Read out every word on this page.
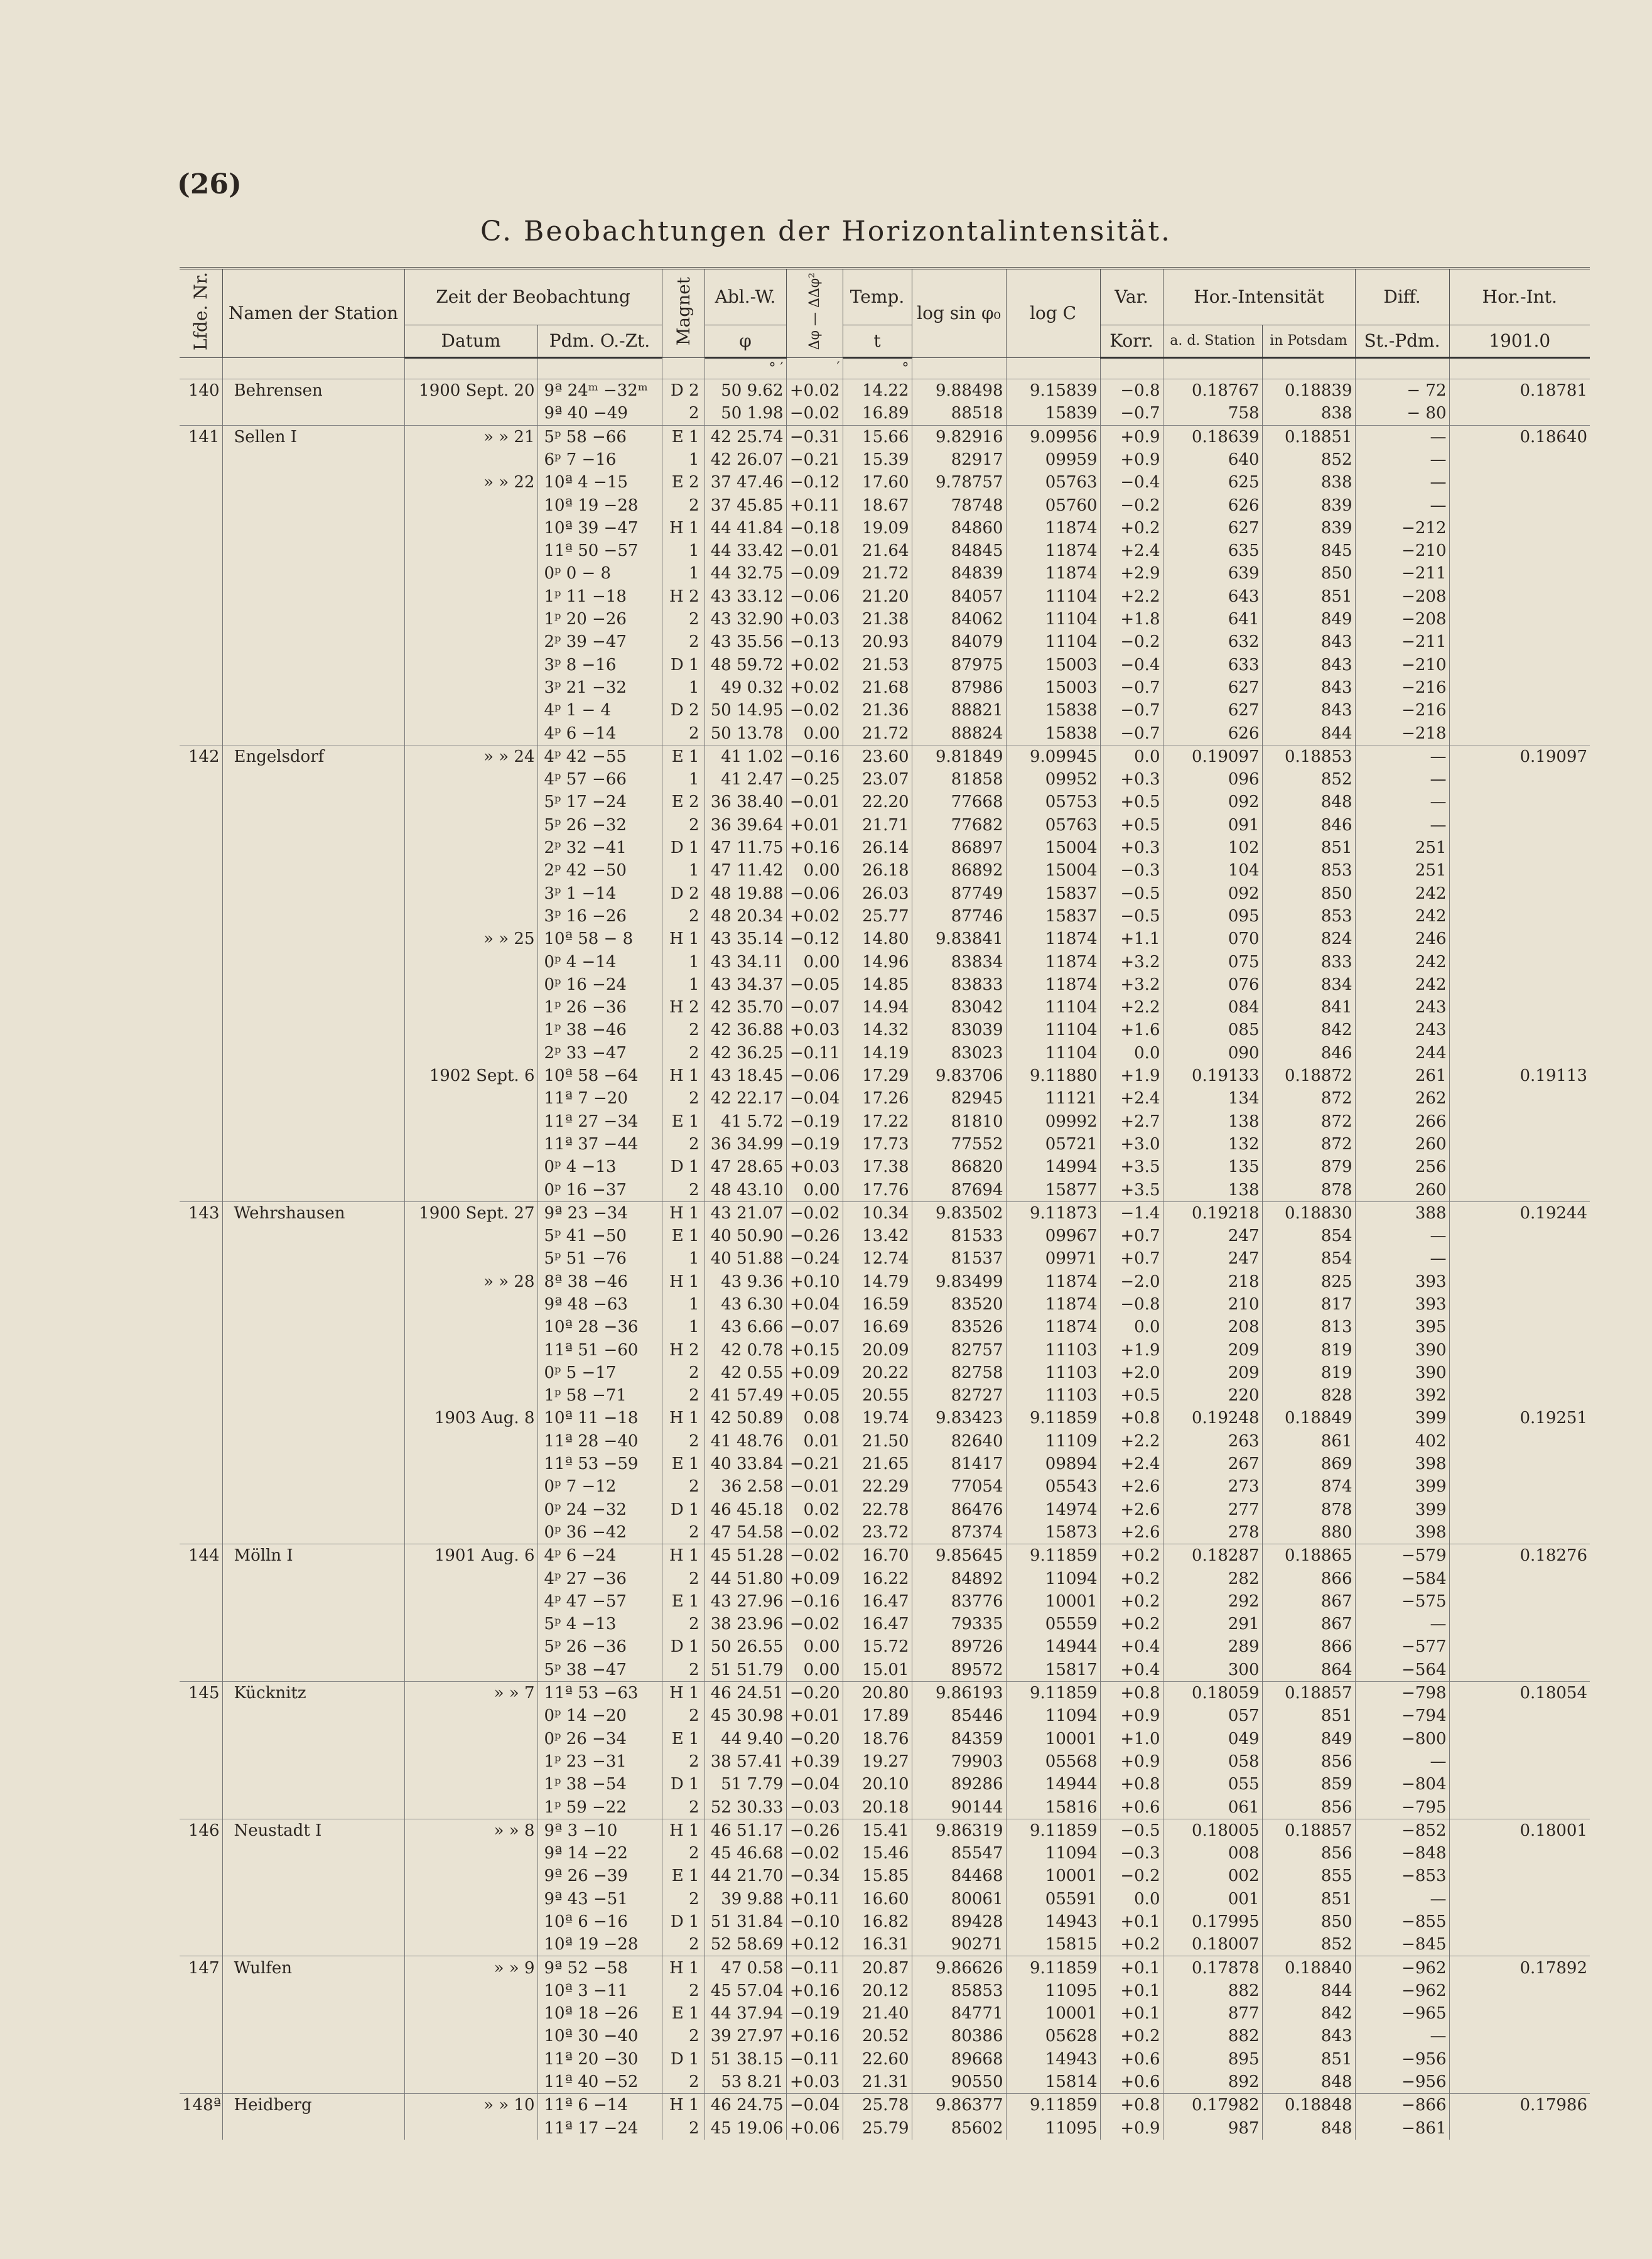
(26)
C. Beobachtungen der Horizontalintensität.
Lfde. Nr.	Namen der Station	Zeit der Beobachtung		Magnet	Abl.-W.	Δφ — ΔΔφ²	Temp.	log sin φ₀	log C	Var.	Hor.-Intensität		Diff.	Hor.-Int.
		Datum	Pdm. O.-Zt.		φ		t			Korr.	a. d. Station	in Potsdam	St.-Pdm.	1901.0
					° ′	′	°							
140	Behrensen	1900 Sept. 20	9ª 24ᵐ −32ᵐ	D 2	50 9.62	+0.02	14.22	9.88498	9.15839	−0.8	0.18767	0.18839	− 72	0.18781
			9ª 40 −49	2	50 1.98	−0.02	16.89	88518	15839	−0.7	758	838	− 80	
141	Sellen I	» » 21	5ᵖ 58 −66	E 1	42 25.74	−0.31	15.66	9.82916	9.09956	+0.9	0.18639	0.18851	—	0.18640
			6ᵖ 7 −16	1	42 26.07	−0.21	15.39	82917	09959	+0.9	640	852	—	
		» » 22	10ª 4 −15	E 2	37 47.46	−0.12	17.60	9.78757	05763	−0.4	625	838	—	
			10ª 19 −28	2	37 45.85	+0.11	18.67	78748	05760	−0.2	626	839	—	
			10ª 39 −47	H 1	44 41.84	−0.18	19.09	84860	11874	+0.2	627	839	−212	
			11ª 50 −57	1	44 33.42	−0.01	21.64	84845	11874	+2.4	635	845	−210	
			0ᵖ 0 − 8	1	44 32.75	−0.09	21.72	84839	11874	+2.9	639	850	−211	
			1ᵖ 11 −18	H 2	43 33.12	−0.06	21.20	84057	11104	+2.2	643	851	−208	
			1ᵖ 20 −26	2	43 32.90	+0.03	21.38	84062	11104	+1.8	641	849	−208	
			2ᵖ 39 −47	2	43 35.56	−0.13	20.93	84079	11104	−0.2	632	843	−211	
			3ᵖ 8 −16	D 1	48 59.72	+0.02	21.53	87975	15003	−0.4	633	843	−210	
			3ᵖ 21 −32	1	49 0.32	+0.02	21.68	87986	15003	−0.7	627	843	−216	
			4ᵖ 1 − 4	D 2	50 14.95	−0.02	21.36	88821	15838	−0.7	627	843	−216	
			4ᵖ 6 −14	2	50 13.78	0.00	21.72	88824	15838	−0.7	626	844	−218	
142	Engelsdorf	» » 24	4ᵖ 42 −55	E 1	41 1.02	−0.16	23.60	9.81849	9.09945	0.0	0.19097	0.18853	—	0.19097
			4ᵖ 57 −66	1	41 2.47	−0.25	23.07	81858	09952	+0.3	096	852	—	
			5ᵖ 17 −24	E 2	36 38.40	−0.01	22.20	77668	05753	+0.5	092	848	—	
			5ᵖ 26 −32	2	36 39.64	+0.01	21.71	77682	05763	+0.5	091	846	—	
			2ᵖ 32 −41	D 1	47 11.75	+0.16	26.14	86897	15004	+0.3	102	851	251	
			2ᵖ 42 −50	1	47 11.42	0.00	26.18	86892	15004	−0.3	104	853	251	
			3ᵖ 1 −14	D 2	48 19.88	−0.06	26.03	87749	15837	−0.5	092	850	242	
			3ᵖ 16 −26	2	48 20.34	+0.02	25.77	87746	15837	−0.5	095	853	242	
		» » 25	10ª 58 − 8	H 1	43 35.14	−0.12	14.80	9.83841	11874	+1.1	070	824	246	
			0ᵖ 4 −14	1	43 34.11	0.00	14.96	83834	11874	+3.2	075	833	242	
			0ᵖ 16 −24	1	43 34.37	−0.05	14.85	83833	11874	+3.2	076	834	242	
			1ᵖ 26 −36	H 2	42 35.70	−0.07	14.94	83042	11104	+2.2	084	841	243	
			1ᵖ 38 −46	2	42 36.88	+0.03	14.32	83039	11104	+1.6	085	842	243	
			2ᵖ 33 −47	2	42 36.25	−0.11	14.19	83023	11104	0.0	090	846	244	
		1902 Sept. 6	10ª 58 −64	H 1	43 18.45	−0.06	17.29	9.83706	9.11880	+1.9	0.19133	0.18872	261	0.19113
			11ª 7 −20	2	42 22.17	−0.04	17.26	82945	11121	+2.4	134	872	262	
			11ª 27 −34	E 1	41 5.72	−0.19	17.22	81810	09992	+2.7	138	872	266	
			11ª 37 −44	2	36 34.99	−0.19	17.73	77552	05721	+3.0	132	872	260	
			0ᵖ 4 −13	D 1	47 28.65	+0.03	17.38	86820	14994	+3.5	135	879	256	
			0ᵖ 16 −37	2	48 43.10	0.00	17.76	87694	15877	+3.5	138	878	260	
143	Wehrshausen	1900 Sept. 27	9ª 23 −34	H 1	43 21.07	−0.02	10.34	9.83502	9.11873	−1.4	0.19218	0.18830	388	0.19244
			5ᵖ 41 −50	E 1	40 50.90	−0.26	13.42	81533	09967	+0.7	247	854	—	
			5ᵖ 51 −76	1	40 51.88	−0.24	12.74	81537	09971	+0.7	247	854	—	
		» » 28	8ª 38 −46	H 1	43 9.36	+0.10	14.79	9.83499	11874	−2.0	218	825	393	
			9ª 48 −63	1	43 6.30	+0.04	16.59	83520	11874	−0.8	210	817	393	
			10ª 28 −36	1	43 6.66	−0.07	16.69	83526	11874	0.0	208	813	395	
			11ª 51 −60	H 2	42 0.78	+0.15	20.09	82757	11103	+1.9	209	819	390	
			0ᵖ 5 −17	2	42 0.55	+0.09	20.22	82758	11103	+2.0	209	819	390	
			1ᵖ 58 −71	2	41 57.49	+0.05	20.55	82727	11103	+0.5	220	828	392	
		1903 Aug. 8	10ª 11 −18	H 1	42 50.89	0.08	19.74	9.83423	9.11859	+0.8	0.19248	0.18849	399	0.19251
			11ª 28 −40	2	41 48.76	0.01	21.50	82640	11109	+2.2	263	861	402	
			11ª 53 −59	E 1	40 33.84	−0.21	21.65	81417	09894	+2.4	267	869	398	
			0ᵖ 7 −12	2	36 2.58	−0.01	22.29	77054	05543	+2.6	273	874	399	
			0ᵖ 24 −32	D 1	46 45.18	0.02	22.78	86476	14974	+2.6	277	878	399	
			0ᵖ 36 −42	2	47 54.58	−0.02	23.72	87374	15873	+2.6	278	880	398	
144	Mölln I	1901 Aug. 6	4ᵖ 6 −24	H 1	45 51.28	−0.02	16.70	9.85645	9.11859	+0.2	0.18287	0.18865	−579	0.18276
			4ᵖ 27 −36	2	44 51.80	+0.09	16.22	84892	11094	+0.2	282	866	−584	
			4ᵖ 47 −57	E 1	43 27.96	−0.16	16.47	83776	10001	+0.2	292	867	−575	
			5ᵖ 4 −13	2	38 23.96	−0.02	16.47	79335	05559	+0.2	291	867	—	
			5ᵖ 26 −36	D 1	50 26.55	0.00	15.72	89726	14944	+0.4	289	866	−577	
			5ᵖ 38 −47	2	51 51.79	0.00	15.01	89572	15817	+0.4	300	864	−564	
145	Kücknitz	» » 7	11ª 53 −63	H 1	46 24.51	−0.20	20.80	9.86193	9.11859	+0.8	0.18059	0.18857	−798	0.18054
			0ᵖ 14 −20	2	45 30.98	+0.01	17.89	85446	11094	+0.9	057	851	−794	
			0ᵖ 26 −34	E 1	44 9.40	−0.20	18.76	84359	10001	+1.0	049	849	−800	
			1ᵖ 23 −31	2	38 57.41	+0.39	19.27	79903	05568	+0.9	058	856	—	
			1ᵖ 38 −54	D 1	51 7.79	−0.04	20.10	89286	14944	+0.8	055	859	−804	
			1ᵖ 59 −22	2	52 30.33	−0.03	20.18	90144	15816	+0.6	061	856	−795	
146	Neustadt I	» » 8	9ª 3 −10	H 1	46 51.17	−0.26	15.41	9.86319	9.11859	−0.5	0.18005	0.18857	−852	0.18001
			9ª 14 −22	2	45 46.68	−0.02	15.46	85547	11094	−0.3	008	856	−848	
			9ª 26 −39	E 1	44 21.70	−0.34	15.85	84468	10001	−0.2	002	855	−853	
			9ª 43 −51	2	39 9.88	+0.11	16.60	80061	05591	0.0	001	851	—	
			10ª 6 −16	D 1	51 31.84	−0.10	16.82	89428	14943	+0.1	0.17995	850	−855	
			10ª 19 −28	2	52 58.69	+0.12	16.31	90271	15815	+0.2	0.18007	852	−845	
147	Wulfen	» » 9	9ª 52 −58	H 1	47 0.58	−0.11	20.87	9.86626	9.11859	+0.1	0.17878	0.18840	−962	0.17892
			10ª 3 −11	2	45 57.04	+0.16	20.12	85853	11095	+0.1	882	844	−962	
			10ª 18 −26	E 1	44 37.94	−0.19	21.40	84771	10001	+0.1	877	842	−965	
			10ª 30 −40	2	39 27.97	+0.16	20.52	80386	05628	+0.2	882	843	—	
			11ª 20 −30	D 1	51 38.15	−0.11	22.60	89668	14943	+0.6	895	851	−956	
			11ª 40 −52	2	53 8.21	+0.03	21.31	90550	15814	+0.6	892	848	−956	
148ª	Heidberg	» » 10	11ª 6 −14	H 1	46 24.75	−0.04	25.78	9.86377	9.11859	+0.8	0.17982	0.18848	−866	0.17986
			11ª 17 −24	2	45 19.06	+0.06	25.79	85602	11095	+0.9	987	848	−861	
